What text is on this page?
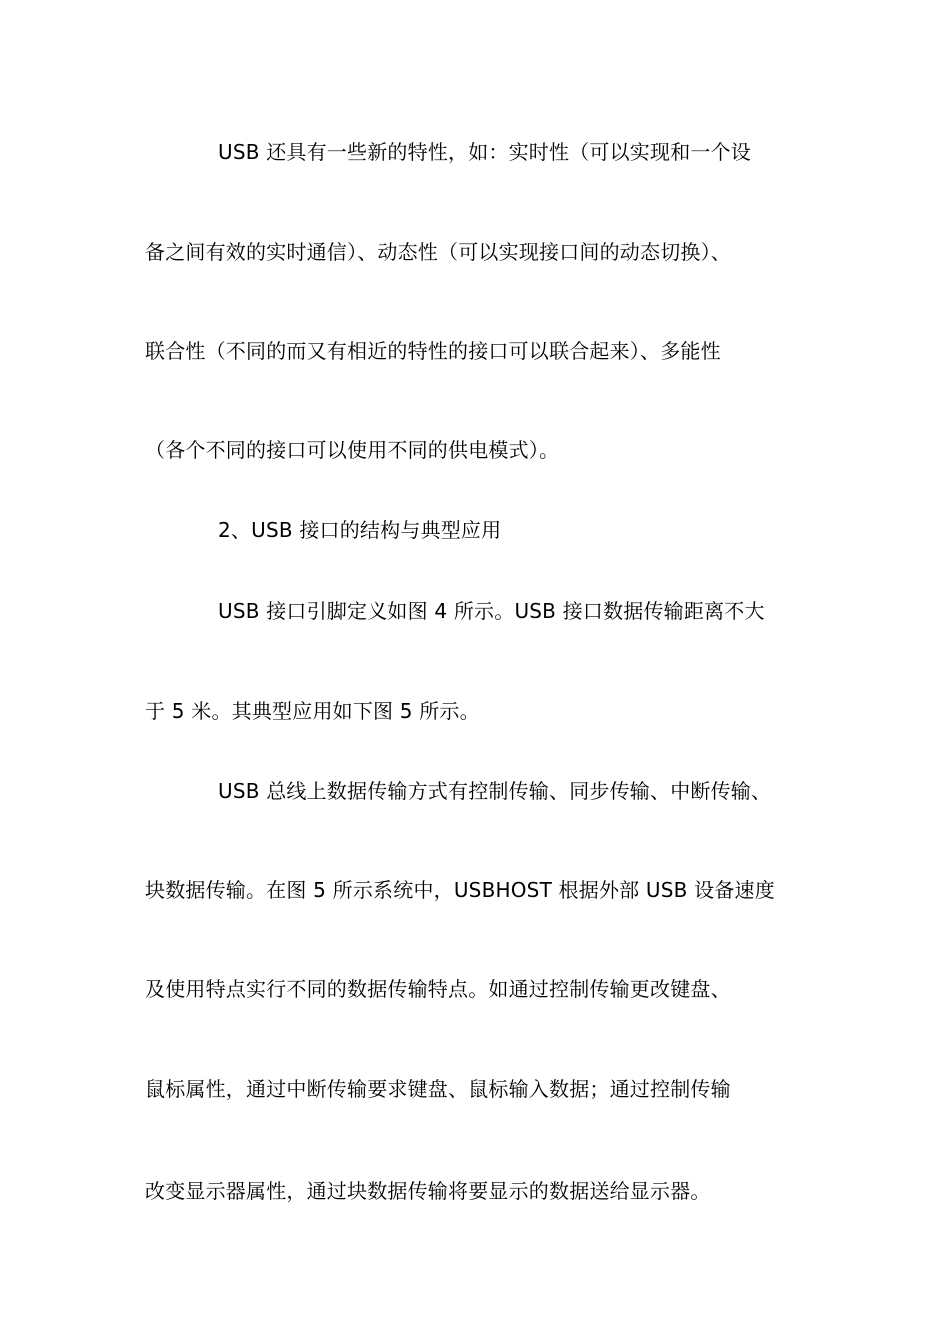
USB 还具有一些新的特性，如：实时性（可以实现和一个设
备之间有效的实时通信）、动态性（可以实现接口间的动态切换）、
联合性（不同的而又有相近的特性的接口可以联合起来）、多能性
（各个不同的接口可以使用不同的供电模式）。
2、USB 接口的结构与典型应用
USB 接口引脚定义如图 4 所示。USB 接口数据传输距离不大
于 5 米。其典型应用如下图 5 所示。
USB 总线上数据传输方式有控制传输、同步传输、中断传输、
块数据传输。在图 5 所示系统中，USBHOST 根据外部 USB 设备速度
及使用特点实行不同的数据传输特点。如通过控制传输更改键盘、
鼠标属性，通过中断传输要求键盘、鼠标输入数据；通过控制传输
改变显示器属性，通过块数据传输将要显示的数据送给显示器。
